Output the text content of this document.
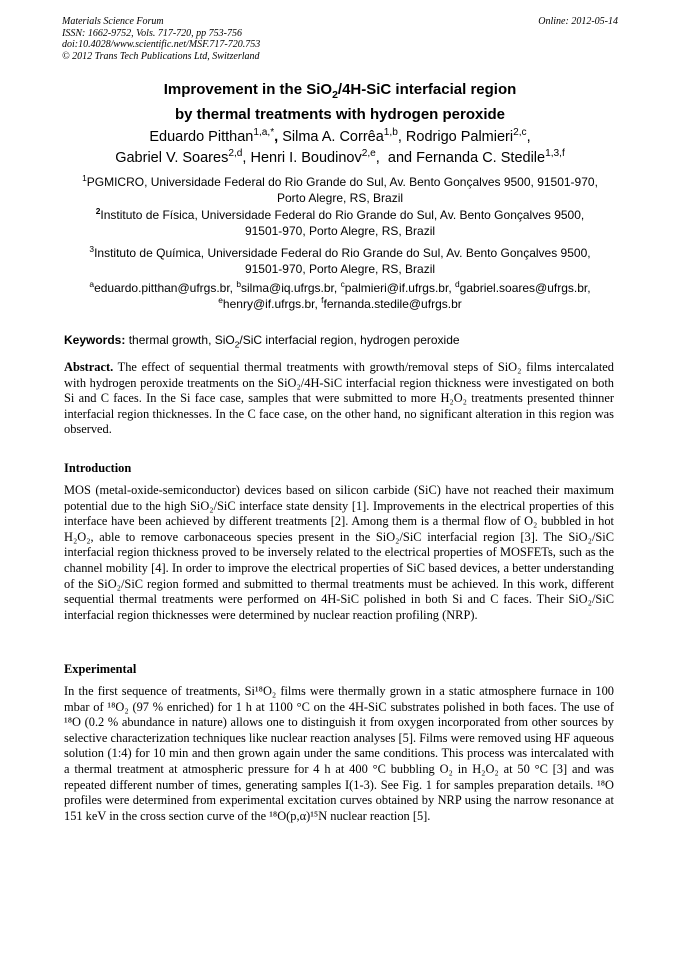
Materials Science Forum
ISSN: 1662-9752, Vols. 717-720, pp 753-756
doi:10.4028/www.scientific.net/MSF.717-720.753
© 2012 Trans Tech Publications Ltd, Switzerland
Online: 2012-05-14
Improvement in the SiO$_2$/4H-SiC interfacial region
by thermal treatments with hydrogen peroxide
Eduardo Pitthan$^{1,a,*}$, Silma A. Corrêa$^{1,b}$, Rodrigo Palmieri$^{2,c}$,
Gabriel V. Soares$^{2,d}$, Henri I. Boudinov$^{2,e}$,  and Fernanda C. Stedile$^{1,3,f}$
$^1$PGMICRO, Universidade Federal do Rio Grande do Sul, Av. Bento Gonçalves 9500, 91501-970,
Porto Alegre, RS, Brazil
$^2$Instituto de Física, Universidade Federal do Rio Grande do Sul, Av. Bento Gonçalves 9500,
91501-970, Porto Alegre, RS, Brazil
$^3$Instituto de Química, Universidade Federal do Rio Grande do Sul, Av. Bento Gonçalves 9500,
91501-970, Porto Alegre, RS, Brazil
$^a$eduardo.pitthan@ufrgs.br, $^b$silma@iq.ufrgs.br, $^c$palmieri@if.ufrgs.br, $^d$gabriel.soares@ufrgs.br,
$^e$henry@if.ufrgs.br, $^f$fernanda.stedile@ufrgs.br
Keywords: thermal growth, SiO$_2$/SiC interfacial region, hydrogen peroxide
Abstract. The effect of sequential thermal treatments with growth/removal steps of SiO₂ films intercalated with hydrogen peroxide treatments on the SiO₂/4H-SiC interfacial region thickness were investigated on both Si and C faces. In the Si face case, samples that were submitted to more H₂O₂ treatments presented thinner interfacial region thicknesses. In the C face case, on the other hand, no significant alteration in this region was observed.
Introduction
MOS (metal-oxide-semiconductor) devices based on silicon carbide (SiC) have not reached their maximum potential due to the high SiO₂/SiC interface state density [1]. Improvements in the electrical properties of this interface have been achieved by different treatments [2]. Among them is a thermal flow of O₂ bubbled in hot H₂O₂, able to remove carbonaceous species present in the SiO₂/SiC interfacial region [3]. The SiO₂/SiC interfacial region thickness proved to be inversely related to the electrical properties of MOSFETs, such as the channel mobility [4]. In order to improve the electrical properties of SiC based devices, a better understanding of the SiO₂/SiC region formed and submitted to thermal treatments must be achieved. In this work, different sequential thermal treatments were performed on 4H-SiC polished in both Si and C faces. Their SiO₂/SiC interfacial region thicknesses were determined by nuclear reaction profiling (NRP).
Experimental
In the first sequence of treatments, Si¹⁸O₂ films were thermally grown in a static atmosphere furnace in 100 mbar of ¹⁸O₂ (97 % enriched) for 1 h at 1100 °C on the 4H-SiC substrates polished in both faces. The use of ¹⁸O (0.2 % abundance in nature) allows one to distinguish it from oxygen incorporated from other sources by selective characterization techniques like nuclear reaction analyses [5]. Films were removed using HF aqueous solution (1:4) for 10 min and then grown again under the same conditions. This process was intercalated with a thermal treatment at atmospheric pressure for 4 h at 400 °C bubbling O₂ in H₂O₂ at 50 °C [3] and was repeated different number of times, generating samples I(1-3). See Fig. 1 for samples preparation details. ¹⁸O profiles were determined from experimental excitation curves obtained by NRP using the narrow resonance at 151 keV in the cross section curve of the ¹⁸O(p,α)¹⁵N nuclear reaction [5].
